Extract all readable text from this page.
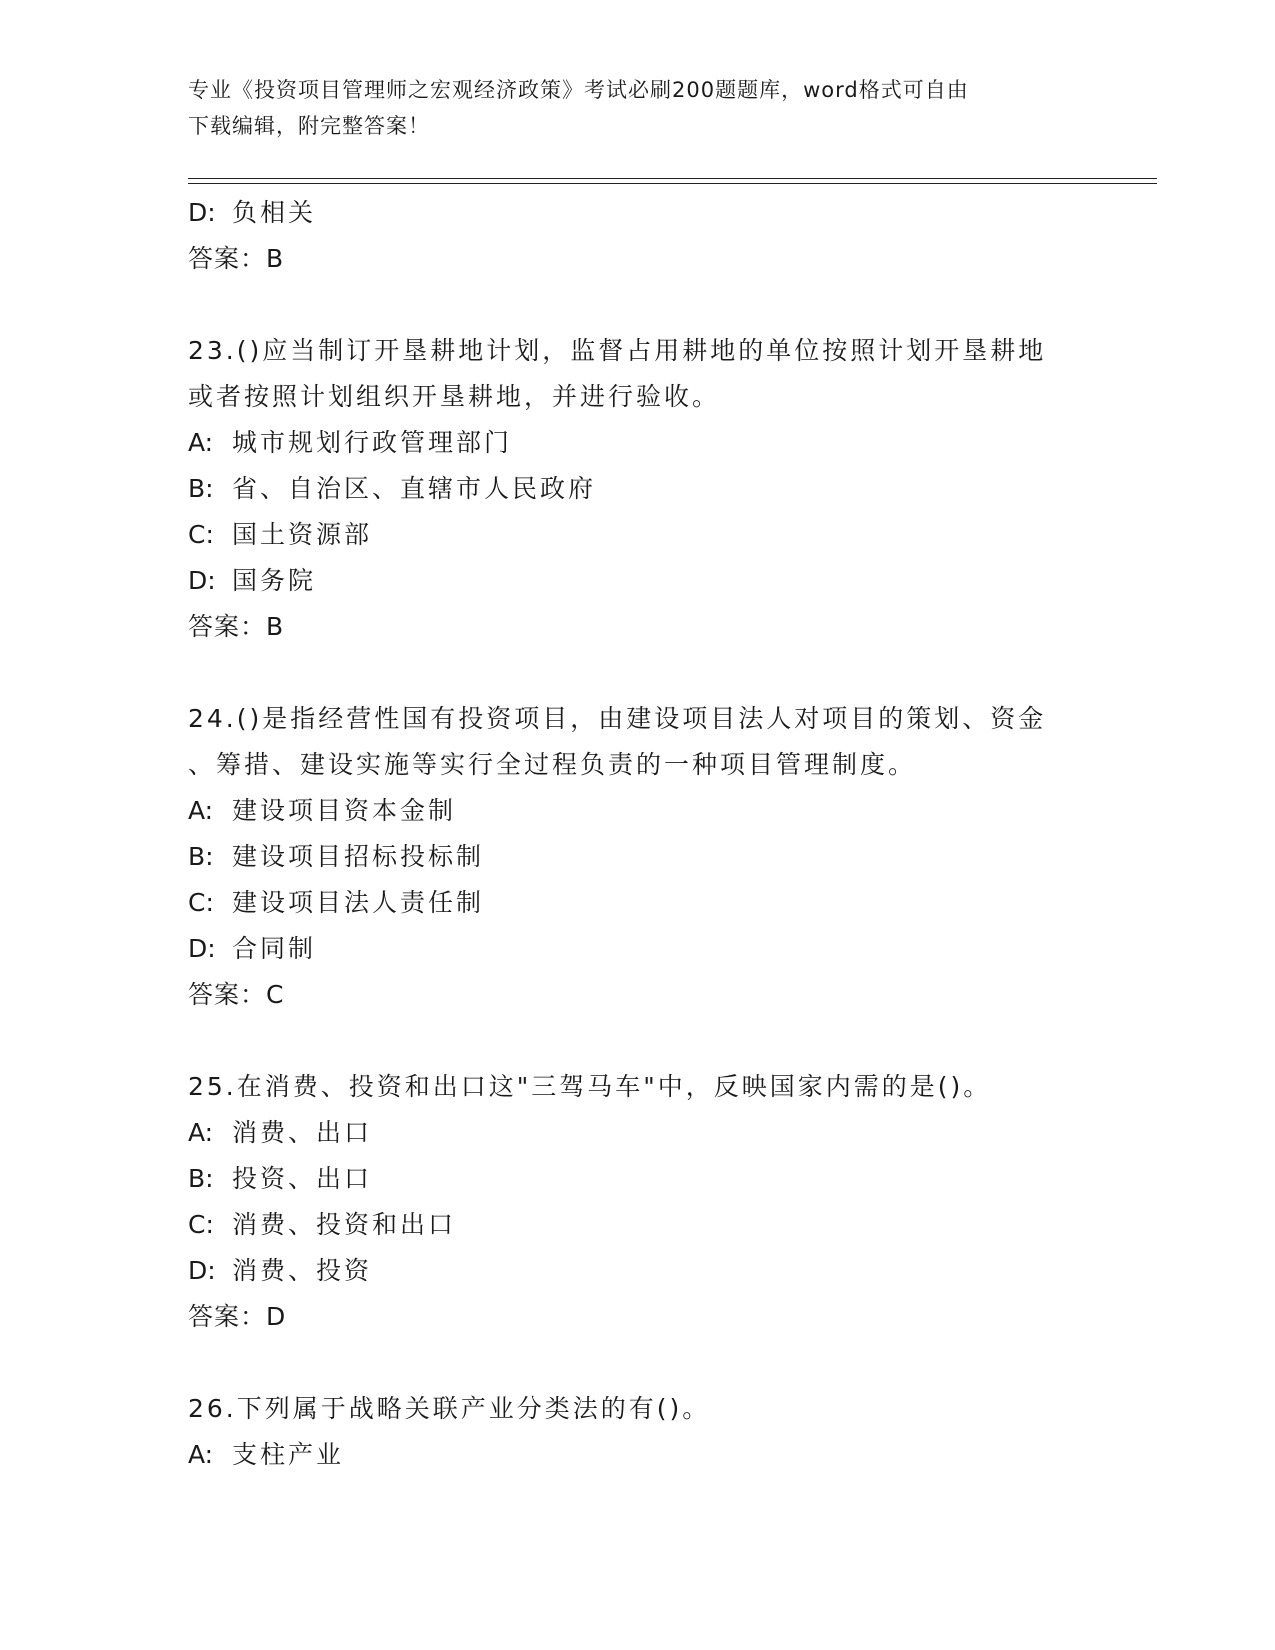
专业《投资项目管理师之宏观经济政策》考试必刷200题题库，word格式可自由
下载编辑，附完整答案！
D: 负相关
答案：B
23.()应当制订开垦耕地计划，监督占用耕地的单位按照计划开垦耕地
或者按照计划组织开垦耕地，并进行验收。
A: 城市规划行政管理部门
B: 省、自治区、直辖市人民政府
C: 国土资源部
D: 国务院
答案：B
24.()是指经营性国有投资项目，由建设项目法人对项目的策划、资金
、筹措、建设实施等实行全过程负责的一种项目管理制度。
A: 建设项目资本金制
B: 建设项目招标投标制
C: 建设项目法人责任制
D: 合同制
答案：C
25.在消费、投资和出口这"三驾马车"中，反映国家内需的是()。
A: 消费、出口
B: 投资、出口
C: 消费、投资和出口
D: 消费、投资
答案：D
26.下列属于战略关联产业分类法的有()。
A: 支柱产业
